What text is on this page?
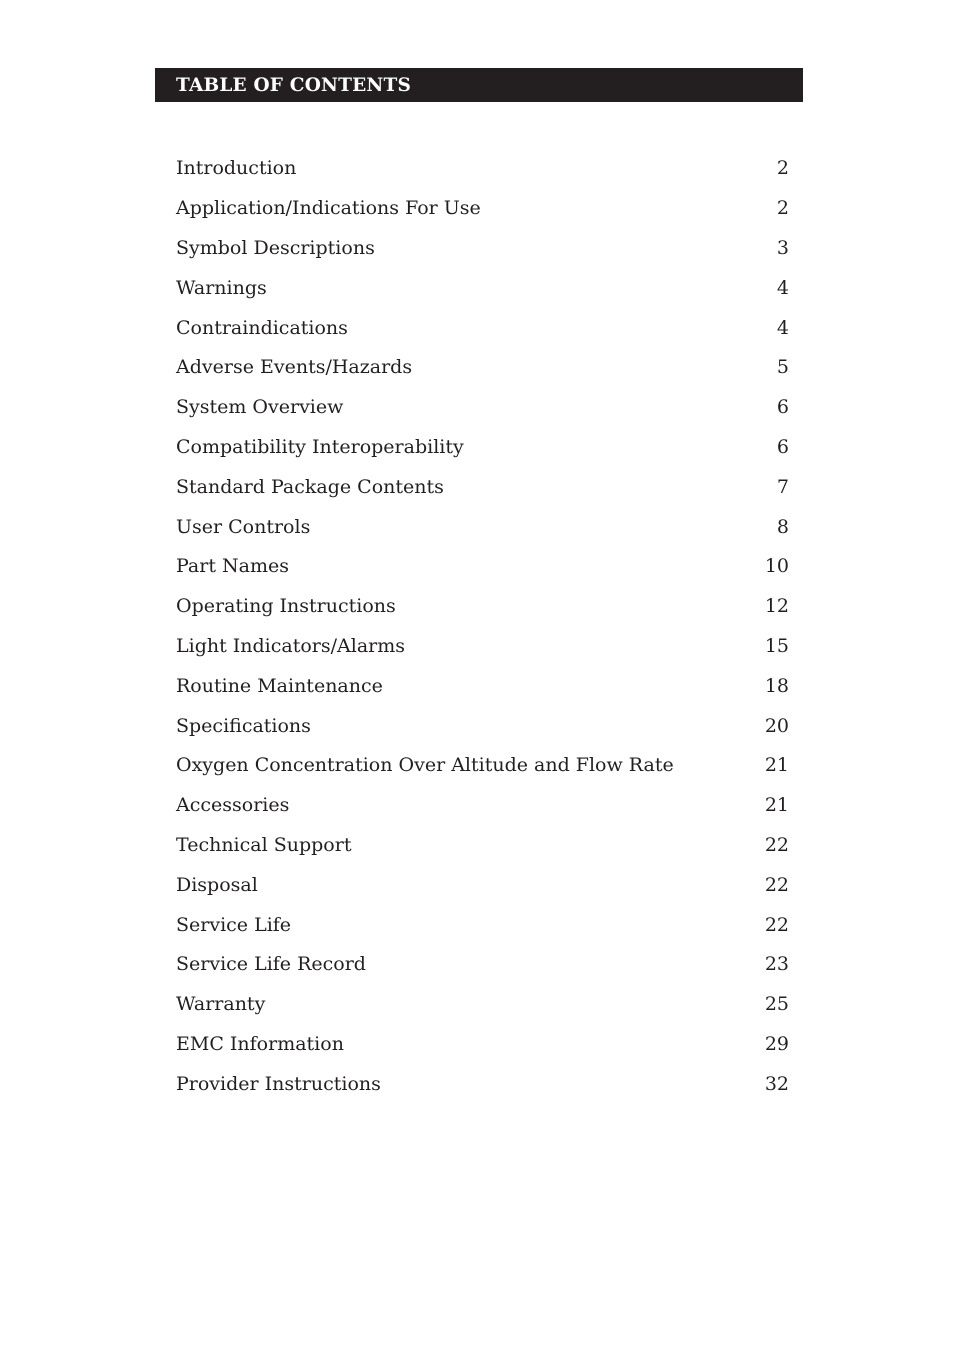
TABLE OF CONTENTS
Introduction	2
Application/Indications For Use	2
Symbol Descriptions	3
Warnings	4
Contraindications	4
Adverse Events/Hazards	5
System Overview	6
Compatibility Interoperability	6
Standard Package Contents	7
User Controls	8
Part Names	10
Operating Instructions	12
Light Indicators/Alarms	15
Routine Maintenance	18
Specifications	20
Oxygen Concentration Over Altitude and Flow Rate	21
Accessories	21
Technical Support	22
Disposal	22
Service Life	22
Service Life Record	23
Warranty	25
EMC Information	29
Provider Instructions	32
